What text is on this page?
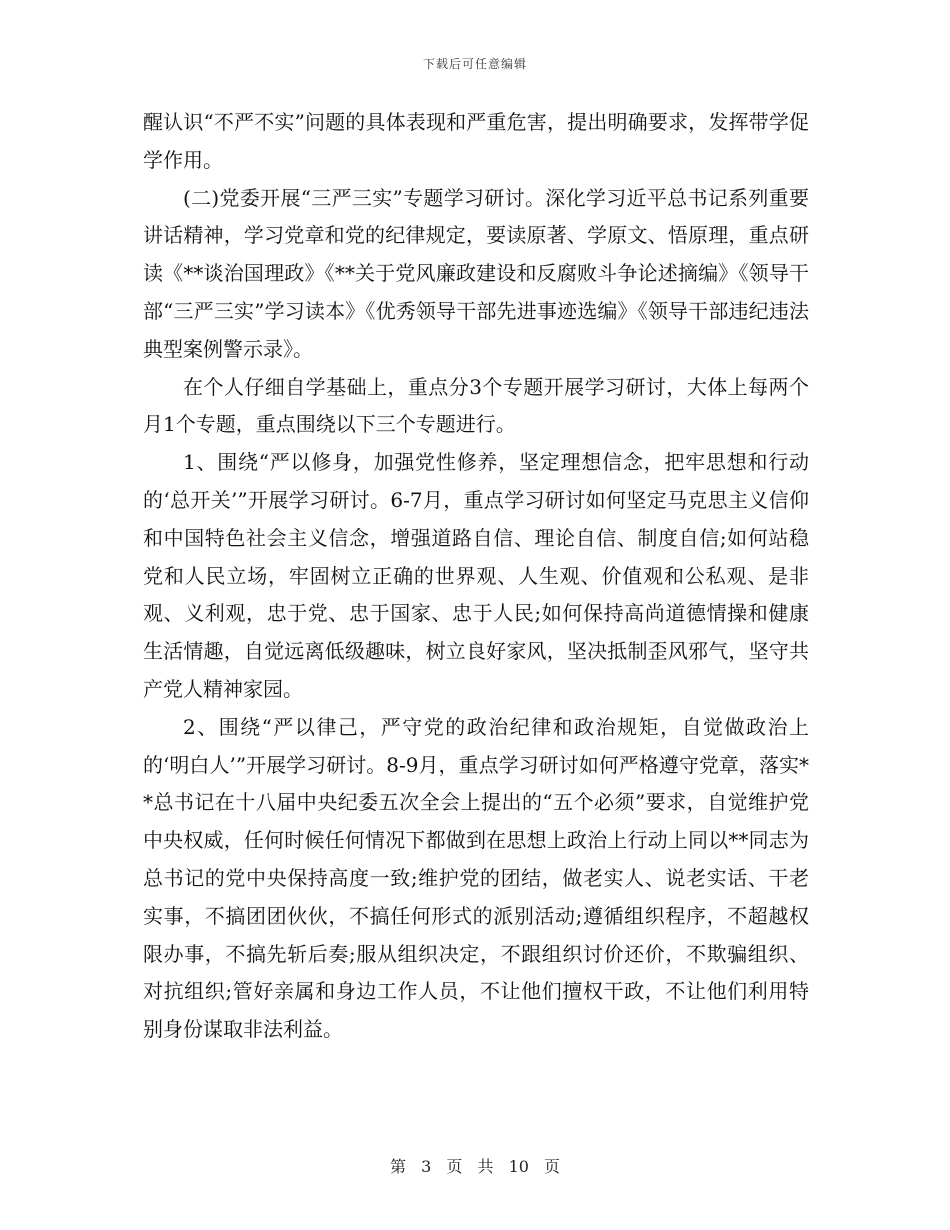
下载后可任意编辑

醒认识“不严不实”问题的具体表现和严重危害，提出明确要求，发挥带学促学作用。

(二)党委开展“三严三实”专题学习研讨。深化学习近平总书记系列重要讲话精神，学习党章和党的纪律规定，要读原著、学原文、悟原理，重点研读《**谈治国理政》《**关于党风廉政建设和反腐败斗争论述摘编》《领导干部“三严三实”学习读本》《优秀领导干部先进事迹选编》《领导干部违纪违法典型案例警示录》。

在个人仔细自学基础上，重点分3个专题开展学习研讨，大体上每两个月1个专题，重点围绕以下三个专题进行。

1、围绕“严以修身，加强党性修养，坚定理想信念，把牢思想和行动的‘总开关’”开展学习研讨。6-7月，重点学习研讨如何坚定马克思主义信仰和中国特色社会主义信念，增强道路自信、理论自信、制度自信;如何站稳党和人民立场，牢固树立正确的世界观、人生观、价值观和公私观、是非观、义利观，忠于党、忠于国家、忠于人民;如何保持高尚道德情操和健康生活情趣，自觉远离低级趣味，树立良好家风，坚决抵制歪风邪气，坚守共产党人精神家园。

2、围绕“严以律己，严守党的政治纪律和政治规矩，自觉做政治上的‘明白人’”开展学习研讨。8-9月，重点学习研讨如何严格遵守党章，落实**总书记在十八届中央纪委五次全会上提出的“五个必须”要求，自觉维护党中央权威，任何时候任何情况下都做到在思想上政治上行动上同以**同志为总书记的党中央保持高度一致;维护党的团结，做老实人、说老实话、干老实事，不搞团团伙伙，不搞任何形式的派别活动;遵循组织程序，不超越权限办事，不搞先斩后奏;服从组织决定，不跟组织讨价还价，不欺骗组织、对抗组织;管好亲属和身边工作人员，不让他们擅权干政，不让他们利用特别身份谋取非法利益。

第 3 页 共 10 页
